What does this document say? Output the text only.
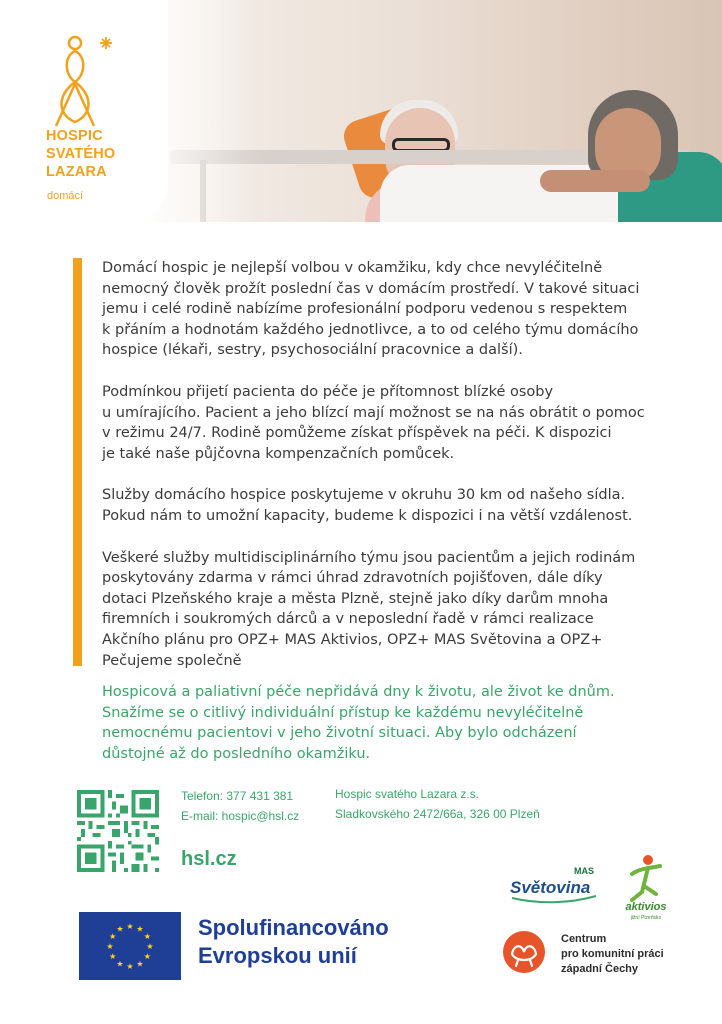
HOSPIC
SVATÉHO
LAZARA
domácí

Domácí hospic je nejlepší volbou v okamžiku, kdy chce nevyléčitelně
nemocný člověk prožít poslední čas v domácím prostředí. V takové situaci
jemu i celé rodině nabízíme profesionální podporu vedenou s respektem
k přáním a hodnotám každého jednotlivce, a to od celého týmu domácího
hospice (lékaři, sestry, psychosociální pracovnice a další).

Podmínkou přijetí pacienta do péče je přítomnost blízké osoby
u umírajícího. Pacient a jeho blízcí mají možnost se na nás obrátit o pomoc
v režimu 24/7. Rodině pomůžeme získat příspěvek na péči. K dispozici
je také naše půjčovna kompenzačních pomůcek.

Služby domácího hospice poskytujeme v okruhu 30 km od našeho sídla.
Pokud nám to umožní kapacity, budeme k dispozici i na větší vzdálenost.

Veškeré služby multidisciplinárního týmu jsou pacientům a jejich rodinám
poskytovány zdarma v rámci úhrad zdravotních pojišťoven, dále díky
dotaci Plzeňského kraje a města Plzně, stejně jako díky darům mnoha
firemních i soukromých dárců a v neposlední řadě v rámci realizace
Akčního plánu pro OPZ+ MAS Aktivios, OPZ+ MAS Světovina a OPZ+
Pečujeme společně

Hospicová a paliativní péče nepřidává dny k životu, ale život ke dnům.
Snažíme se o citlivý individuální přístup ke každému nevyléčitelně
nemocnému pacientovi v jeho životní situaci. Aby bylo odcházení
důstojné až do posledního okamžiku.

Telefon: 377 431 381
E-mail: hospic@hsl.cz
Hospic svatého Lazara z.s.
Sladkovského 2472/66a, 326 00 Plzeň
hsl.cz
★ ★
★
★
★
★
★
★
★
★
★
★	Spolufinancováno
Evropskou unií
MAS
Světovina
aktivios
jižní Plzeňsko
Centrum
pro komunitní práci
západní Čechy
